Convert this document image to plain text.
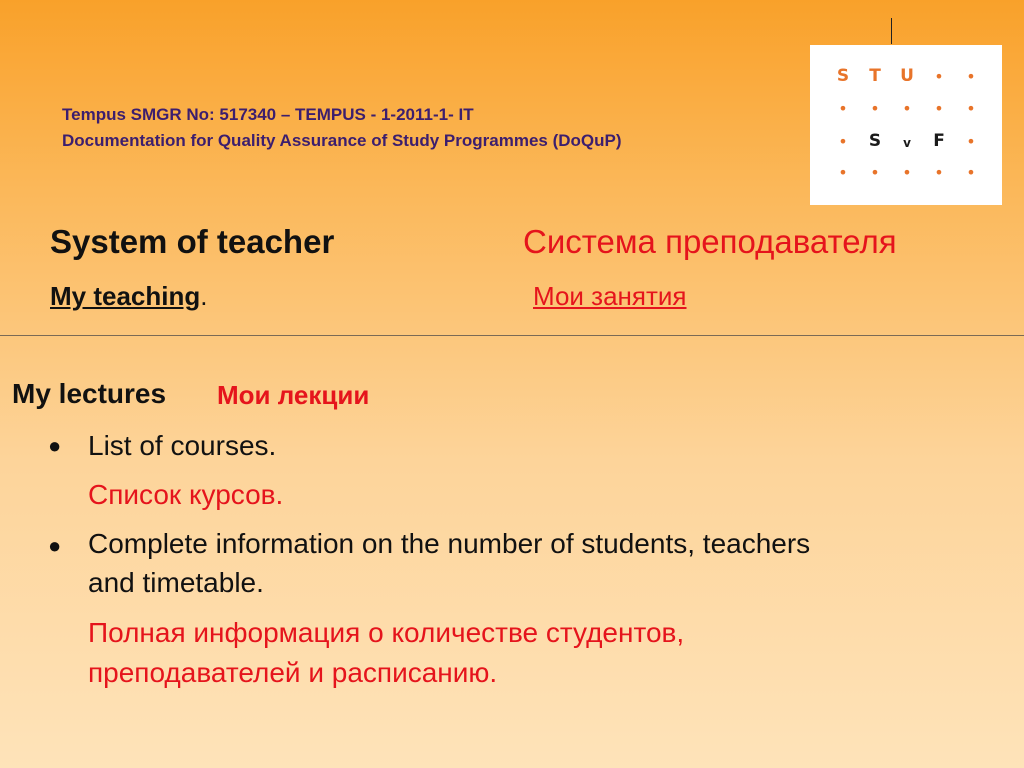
Tempus SMGR No: 517340 – TEMPUS - 1-2011-1- IT
Documentation for Quality Assurance of Study Programmes (DoQuP)
S T U	•	•
•	•	•	•	•
•	S	v	F	•
•	•	•	•	•
System of teacher	Система преподавателя
My teaching.	Мои занятия
My lectures Мои лекции
● List of courses.
Список курсов.
● Complete information on the number of students, teachers
and timetable.
Полная информация о количестве студентов,
преподавателей и расписанию.
